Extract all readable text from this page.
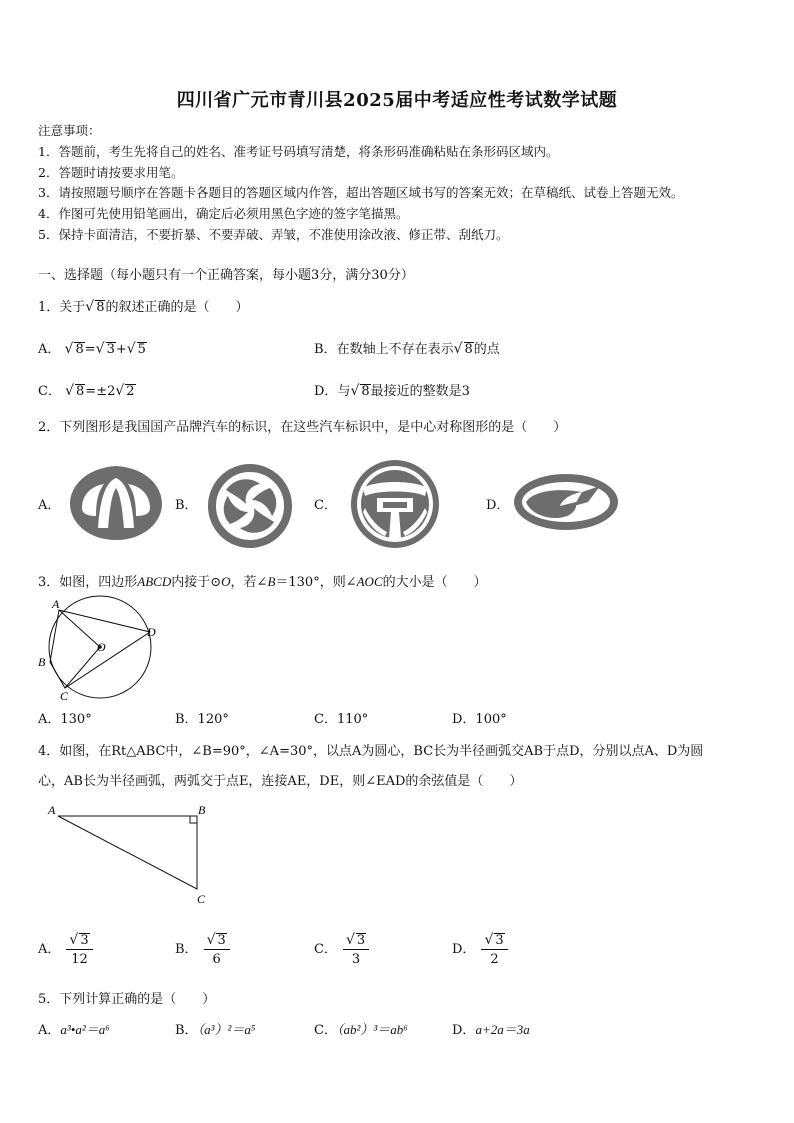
四川省广元市青川县2025届中考适应性考试数学试题
注意事项：
1．答题前，考生先将自己的姓名、准考证号码填写清楚，将条形码准确粘贴在条形码区域内。
2．答题时请按要求用笔。
3．请按照题号顺序在答题卡各题目的答题区域内作答，超出答题区域书写的答案无效；在草稿纸、试卷上答题无效。
4．作图可先使用铅笔画出，确定后必须用黑色字迹的签字笔描黑。
5．保持卡面清洁，不要折暴、不要弄破、弄皱，不准使用涂改液、修正带、刮纸刀。
一、选择题（每小题只有一个正确答案，每小题3分，满分30分）
1．关于√ 8的叙述正确的是（　　）
A． √ 8=√ 3+√ 5	B．在数轴上不存在表示√ 8的点
C． √ 8=±2√ 2	D．与√ 8最接近的整数是3
2．下列图形是我国国产品牌汽车的标识，在这些汽车标识中，是中心对称图形的是（　　）
A．	B．	C．	D．
3．如图，四边形ABCD内接于⊙O，若∠B＝130°，则∠AOC的大小是（　　）
A
B
C
D
O
A．130°	B．120°	C．110°	D．100°
4．如图，在Rt△ABC中，∠B=90°，∠A=30°，以点A为圆心，BC长为半径画弧交AB于点D，分别以点A、D为圆
心，AB长为半径画弧，两弧交于点E，连接AE，DE，则∠EAD的余弦值是（　　）
A	B
C
A． $\frac{√ 3}{12}$	B． $\frac{√ 3}{6}$	C． $\frac{√ 3}{3}$	D． $\frac{√ 3}{2}$
5．下列计算正确的是（　　）
A．a³•a²＝a⁶	B．（a³）²＝a⁵	C．（ab²）³＝ab⁶	D．a+2a＝3a
